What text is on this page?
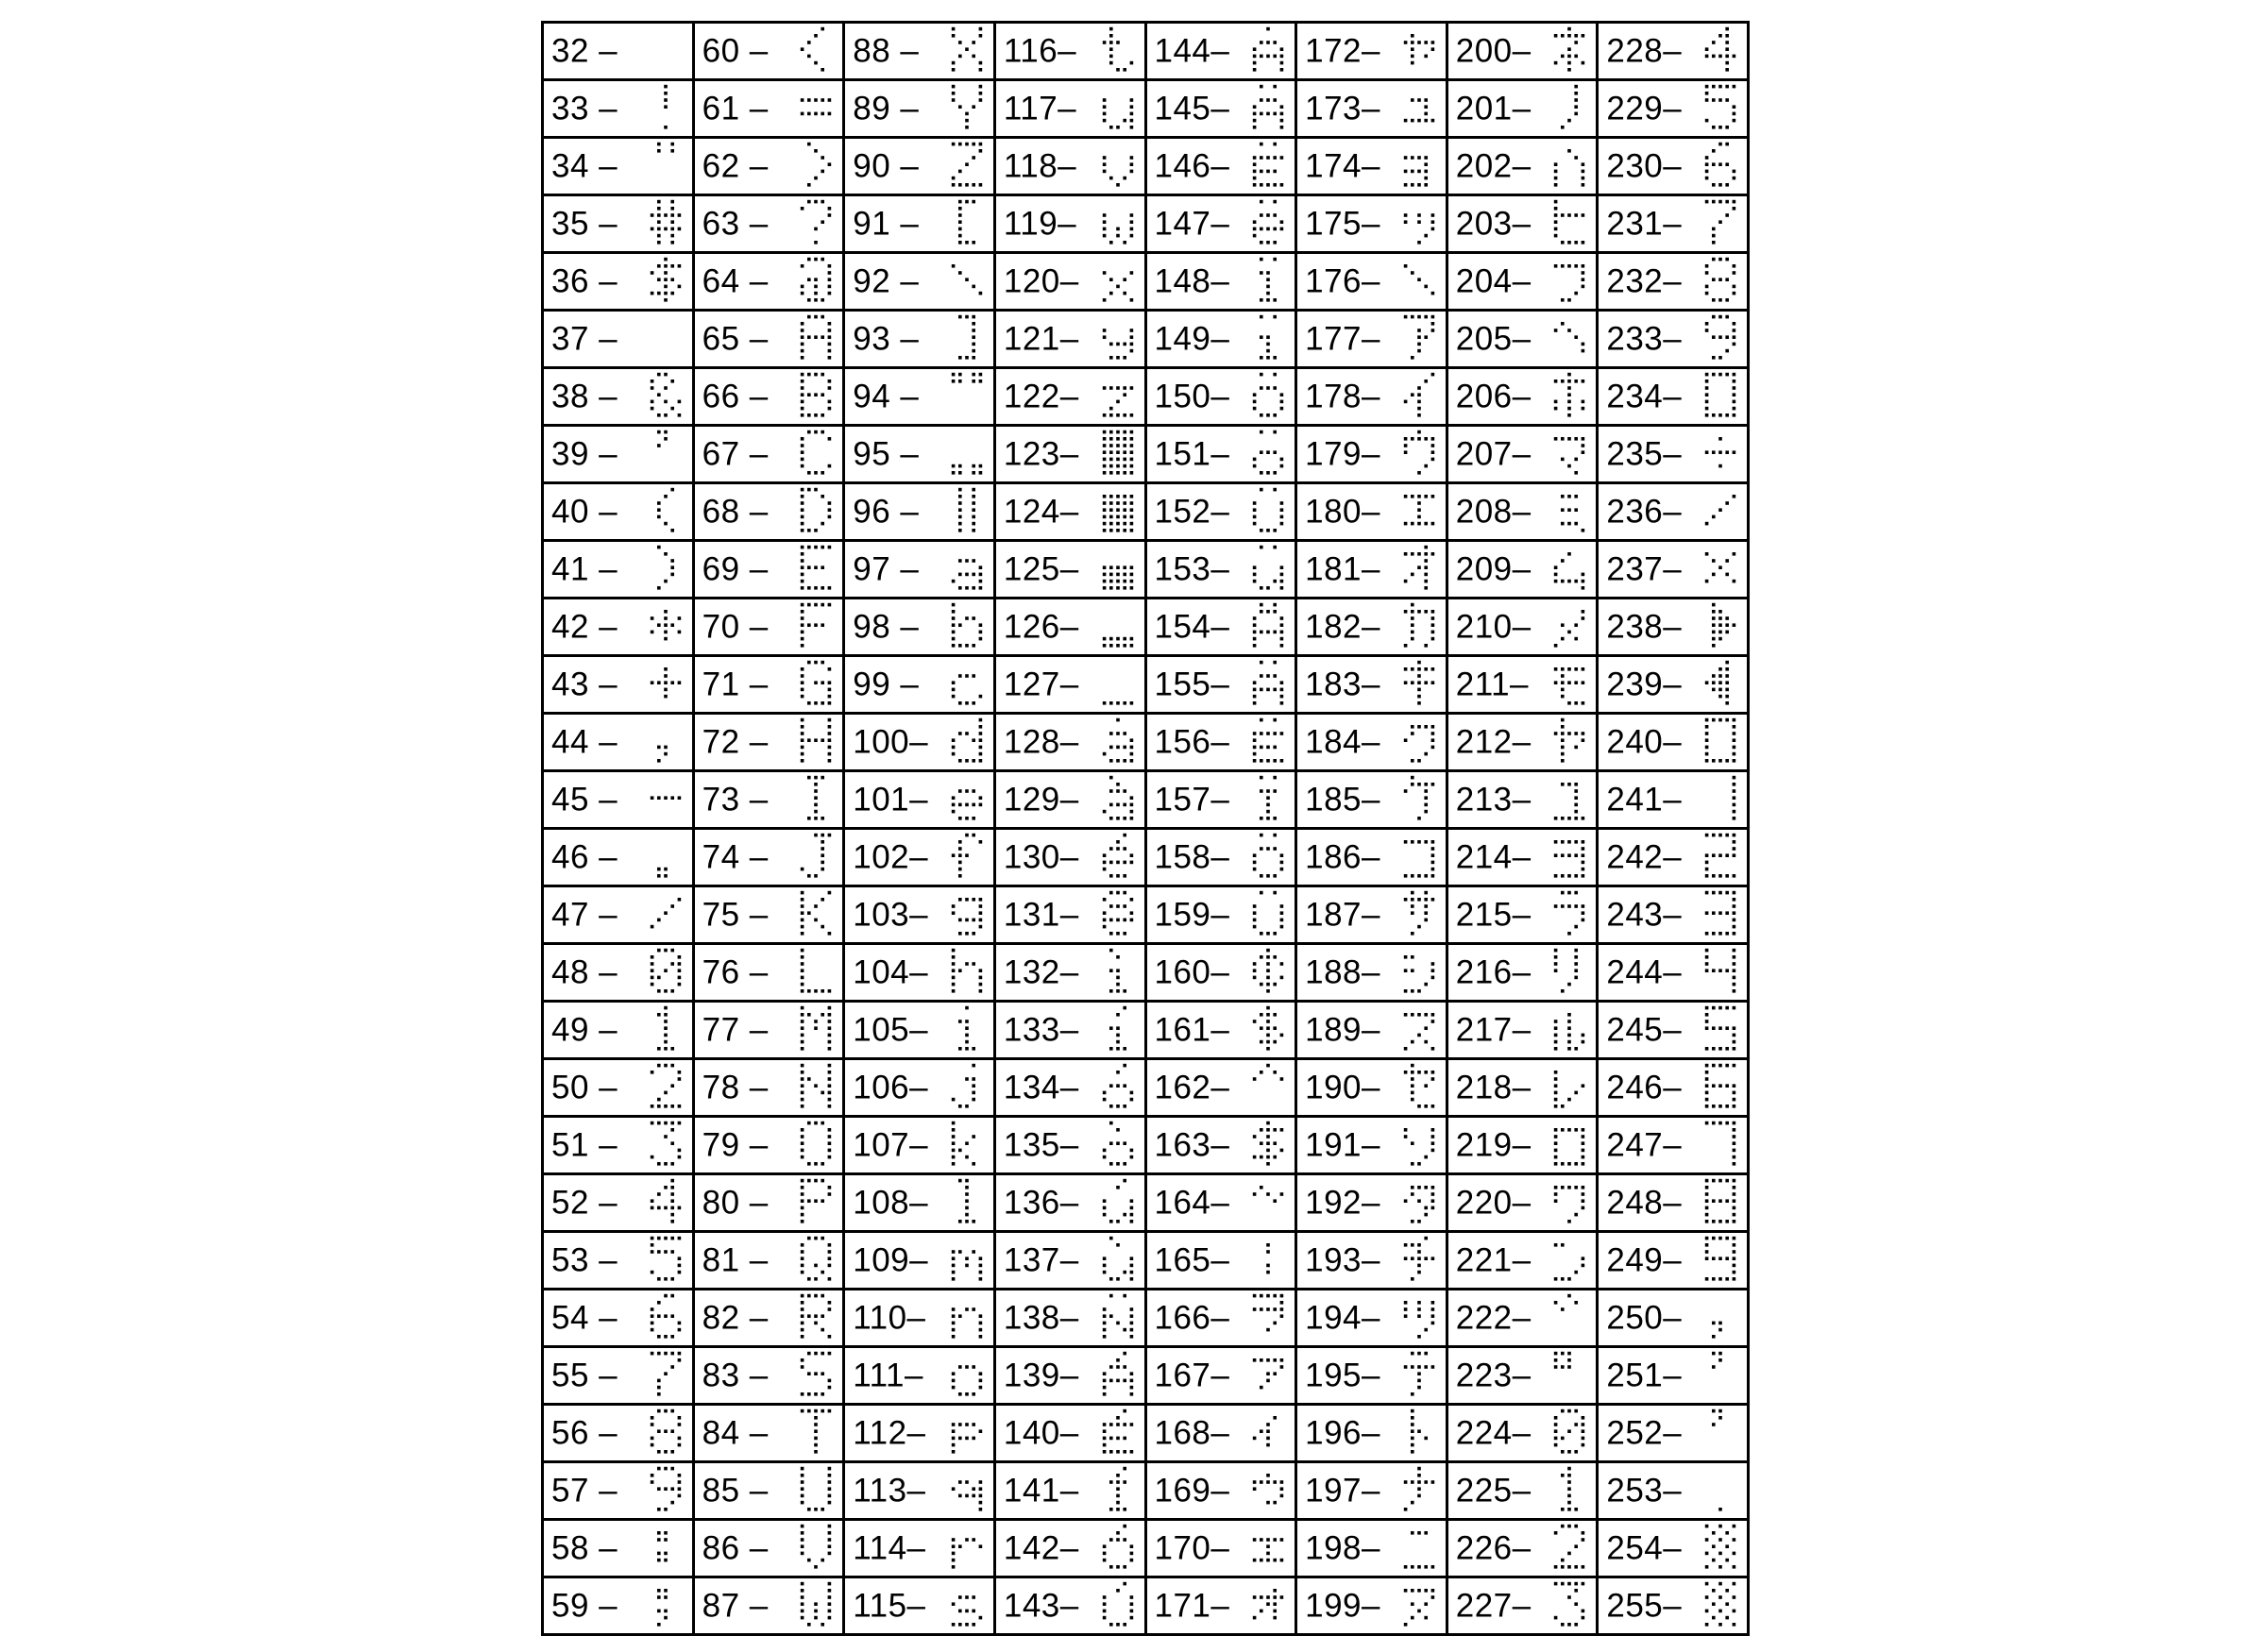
32 –	60 –	88 –	116–	144–	172–	200–	228–

33 –	61 –	89 –	117–	145–	173–	201–	229–

34 –	62 –	90 –	118–	146–	174–	202–	230–

35 –	63 –	91 –	119–	147–	175–	203–	231–

36 –	64 –	92 –	120–	148–	176–	204–	232–

37 –	65 –	93 –	121–	149–	177–	205–	233–

38 –	66 –	94 –	122–	150–	178–	206–	234–

39 –	67 –	95 –	123–	151–	179–	207–	235–

40 –	68 –	96 –	124–	152–	180–	208–	236–

41 –	69 –	97 –	125–	153–	181–	209–	237–

42 –	70 –	98 –	126–	154–	182–	210–	238–

43 –	71 –	99 –	127–	155–	183–	211–	239–

44 –	72 –	100–	128–	156–	184–	212–	240–

45 –	73 –	101–	129–	157–	185–	213–	241–

46 –	74 –	102–	130–	158–	186–	214–	242–

47 –	75 –	103–	131–	159–	187–	215–	243–

48 –	76 –	104–	132–	160–	188–	216–	244–

49 –	77 –	105–	133–	161–	189–	217–	245–

50 –	78 –	106–	134–	162–	190–	218–	246–

51 –	79 –	107–	135–	163–	191–	219–	247–

52 –	80 –	108–	136–	164–	192–	220–	248–

53 –	81 –	109–	137–	165–	193–	221–	249–

54 –	82 –	110–	138–	166–	194–	222–	250–

55 –	83 –	111–	139–	167–	195–	223–	251–

56 –	84 –	112–	140–	168–	196–	224–	252–

57 –	85 –	113–	141–	169–	197–	225–	253–

58 –	86 –	114–	142–	170–	198–	226–	254–

59 –	87 –	115–	143–	171–	199–	227–	255–
